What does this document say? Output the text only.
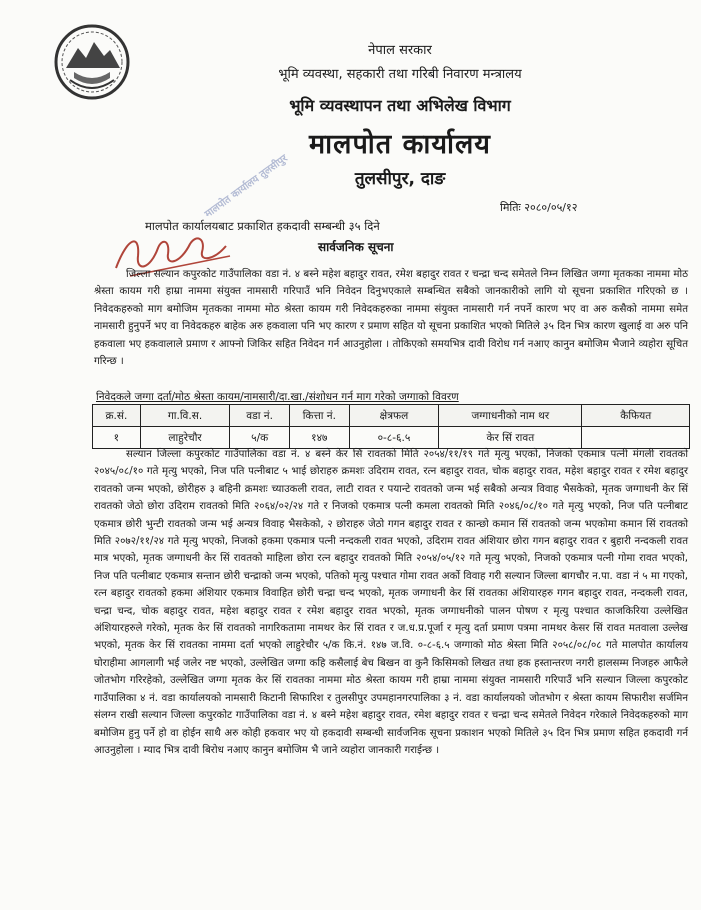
नेपाल सरकार
भूमि व्यवस्था, सहकारी तथा गरिबी निवारण मन्त्रालय
भूमि व्यवस्थापन तथा अभिलेख विभाग
मालपोत कार्यालय
तुलसीपुर, दाङ
मितिः २०८०/०५/१२
मालपोत कार्यालय तुलसीपुर
मालपोत कार्यालयबाट प्रकाशित हकदावी सम्बन्धी ३५ दिने
सार्वजनिक सूचना
जिल्ला सल्यान कपुरकोट गाउँपालिका वडा नं. ४ बस्ने महेश बहादुर रावत, रमेश बहादुर रावत र चन्द्रा चन्द समेतले निम्न लिखित जग्गा मृतकका नाममा मोठ श्रेस्ता कायम गरी हाम्रा नाममा संयुक्त नामसारी गरिपाउँ भनि निवेदन दिनुभएकाले सम्बन्धित सबैको जानकारीको लागि यो सूचना प्रकाशित गरिएको छ । निवेदकहरुको माग बमोजिम मृतकका नाममा मोठ श्रेस्ता कायम गरी निवेदकहरुका नाममा संयुक्त नामसारी गर्न नपर्ने कारण भए वा अरु कसैको नाममा समेत नामसारी हुनुपर्ने भए वा निवेदकहरु बाहेक अरु हकवाला पनि भए कारण र प्रमाण सहित यो सूचना प्रकाशित भएको मितिले ३५ दिन भित्र कारण खुलाई वा अरु पनि हकवाला भए हकवालाले प्रमाण र आफ्नो जिकिर सहित निवेदन गर्न आउनुहोला । तोकिएको समयभित्र दावी विरोध गर्न नआए कानुन बमोजिम भैजाने व्यहोरा सूचित गरिन्छ ।
निवेदकले जग्गा दर्ता/मोठ श्रेस्ता कायम/नामसारी/दा.खा./संशोधन गर्न माग गरेको जग्गाको विवरण
क्र.सं.	गा.वि.स.	वडा नं.	कित्ता नं.	क्षेत्रफल	जग्गाधनीको नाम थर	कैफियत
१	लाहुरेचौर	५/क	१४७	०-८-६.५	केर सिं रावत	
सल्यान जिल्ला कपुरकोट गाउँपालिका वडा नं. ४ बस्ने केर सिं रावतको मिति २०५४/११/१९ गते मृत्यु भएको, निजको एकमात्र पत्नी मंगली रावतको २०४५/०८/१० गते मृत्यु भएको, निज पति पत्नीबाट ५ भाई छोराहरु क्रमशः उदिराम रावत, रत्न बहादुर रावत, चोक बहादुर रावत, महेश बहादुर रावत र रमेश बहादुर रावतको जन्म भएको, छोरीहरु ३ बहिनी क्रमशः च्याउकली रावत, लाटी रावत र पयान्टे रावतको जन्म भई सबैको अन्यत्र विवाह भैसकेको, मृतक जग्गाधनी केर सिं रावतको जेठो छोरा उदिराम रावतको मिति २०६४/०२/२४ गते र निजको एकमात्र पत्नी कमला रावतको मिति २०४६/०८/१० गते मृत्यु भएको, निज पति पत्नीबाट एकमात्र छोरी भुन्टी रावतको जन्म भई अन्यत्र विवाह भैसकेको, २ छोराहरु जेठो गगन बहादुर रावत र कान्छो कमान सिं रावतको जन्म भएकोमा कमान सिं रावतको मिति २०७२/११/२४ गते मृत्यु भएको, निजको हकमा एकमात्र पत्नी नन्दकली रावत भएको, उदिराम रावत अंशियार छोरा गगन बहादुर रावत र बुहारी नन्दकली रावत मात्र भएको, मृतक जग्गाधनी केर सिं रावतको माहिला छोरा रत्न बहादुर रावतको मिति २०५४/०५/१२ गते मृत्यु भएको, निजको एकमात्र पत्नी गोमा रावत भएको, निज पति पत्नीबाट एकमात्र सन्तान छोरी चन्द्राको जन्म भएको, पतिको मृत्यु पश्चात गोमा रावत अर्को विवाह गरी सल्यान जिल्ला बागचौर न.पा. वडा नं ५ मा गएको, रत्न बहादुर रावतको हकमा अंशियार एकमात्र विवाहित छोरी चन्द्रा चन्द भएको, मृतक जग्गाधनी केर सिं रावतका अंशियारहरु गगन बहादुर रावत, नन्दकली रावत, चन्द्रा चन्द, चोक बहादुर रावत, महेश बहादुर रावत र रमेश बहादुर रावत भएको, मृतक जग्गाधनीको पालन पोषण र मृत्यु पश्चात काजकिरिया उल्लेखित अंशियारहरुले गरेको, मृतक केर सिं रावतको नागरिकतामा नामथर केर सिं रावत र ज.ध.प्र.पूर्जा र मृत्यु दर्ता प्रमाण पत्रमा नामथर केसर सिं रावत मतवाला उल्लेख भएको, मृतक केर सिं रावतका नाममा दर्ता भएको लाहुरेचौर ५/क कि.नं. १४७ ज.वि. ०-८-६.५ जग्गाको मोठ श्रेस्ता मिति २०५८/०८/०८ गते मालपोत कार्यालय घोराहीमा आगलागी भई जलेर नष्ट भएको, उल्लेखित जग्गा कहि कसैलाई बेच बिखन वा कुनै किसिमको लिखत तथा हक हस्तान्तरण नगरी हालसम्म निजहरु आफैले जोतभोग गरिरहेको, उल्लेखित जग्गा मृतक केर सिं रावतका नाममा मोठ श्रेस्ता कायम गरी हाम्रा नाममा संयुक्त नामसारी गरिपाउँ भनि सल्यान जिल्ला कपुरकोट गाउँपालिका ४ नं. वडा कार्यालयको नामसारी किटानी सिफारिश र तुलसीपुर उपमहानगरपालिका ३ नं. वडा कार्यालयको जोतभोग र श्रेस्ता कायम सिफारीश सर्जमिन संलग्न राखी सल्यान जिल्ला कपुरकोट गाउँपालिका वडा नं. ४ बस्ने महेश बहादुर रावत, रमेश बहादुर रावत र चन्द्रा चन्द समेतले निवेदन गरेकाले निवेदकहरुको माग बमोजिम हुनु पर्ने हो वा होईन साथै अरु कोही हकवार भए यो हकदावी सम्बन्धी सार्वजनिक सूचना प्रकाशन भएको मितिले ३५ दिन भित्र प्रमाण सहित हकदावी गर्न आउनुहोला । म्याद भित्र दावी बिरोध नआए कानुन बमोजिम भै जाने व्यहोरा जानकारी गराईन्छ ।
